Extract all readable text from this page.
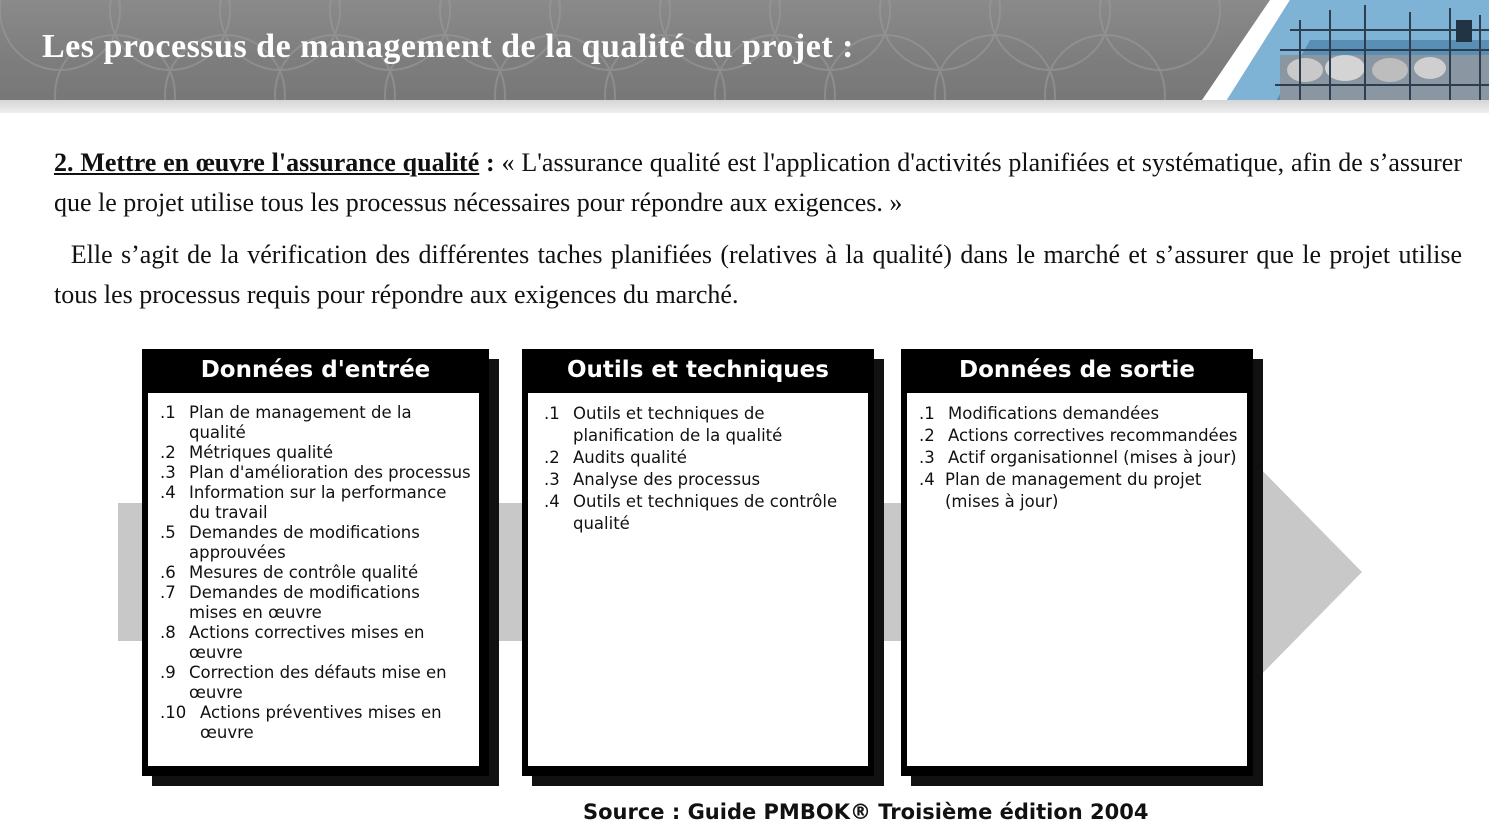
Les processus de management de la qualité du projet :

2. Mettre en œuvre l'assurance qualité : « L'assurance qualité est l'application d'activités planifiées et systématique, afin de s’assurer que le projet utilise tous les processus nécessaires pour répondre aux exigences. »

Elle s’agit de la vérification des différentes taches planifiées (relatives à la qualité) dans le marché et s’assurer que le projet utilise tous les processus requis pour répondre aux exigences du marché.

Données d'entrée
.1 Plan de management de la qualité
.2 Métriques qualité
.3 Plan d'amélioration des processus
.4 Information sur la performance du travail
.5 Demandes de modifications approuvées
.6 Mesures de contrôle qualité
.7 Demandes de modifications mises en œuvre
.8 Actions correctives mises en œuvre
.9 Correction des défauts mise en œuvre
.10 Actions préventives mises en œuvre
Outils et techniques
.1 Outils et techniques de planification de la qualité
.2 Audits qualité
.3 Analyse des processus
.4 Outils et techniques de contrôle qualité
Données de sortie
.1 Modifications demandées
.2 Actions correctives recommandées
.3 Actif organisationnel (mises à jour)
.4 Plan de management du projet (mises à jour)

Source : Guide PMBOK® Troisième édition 2004
